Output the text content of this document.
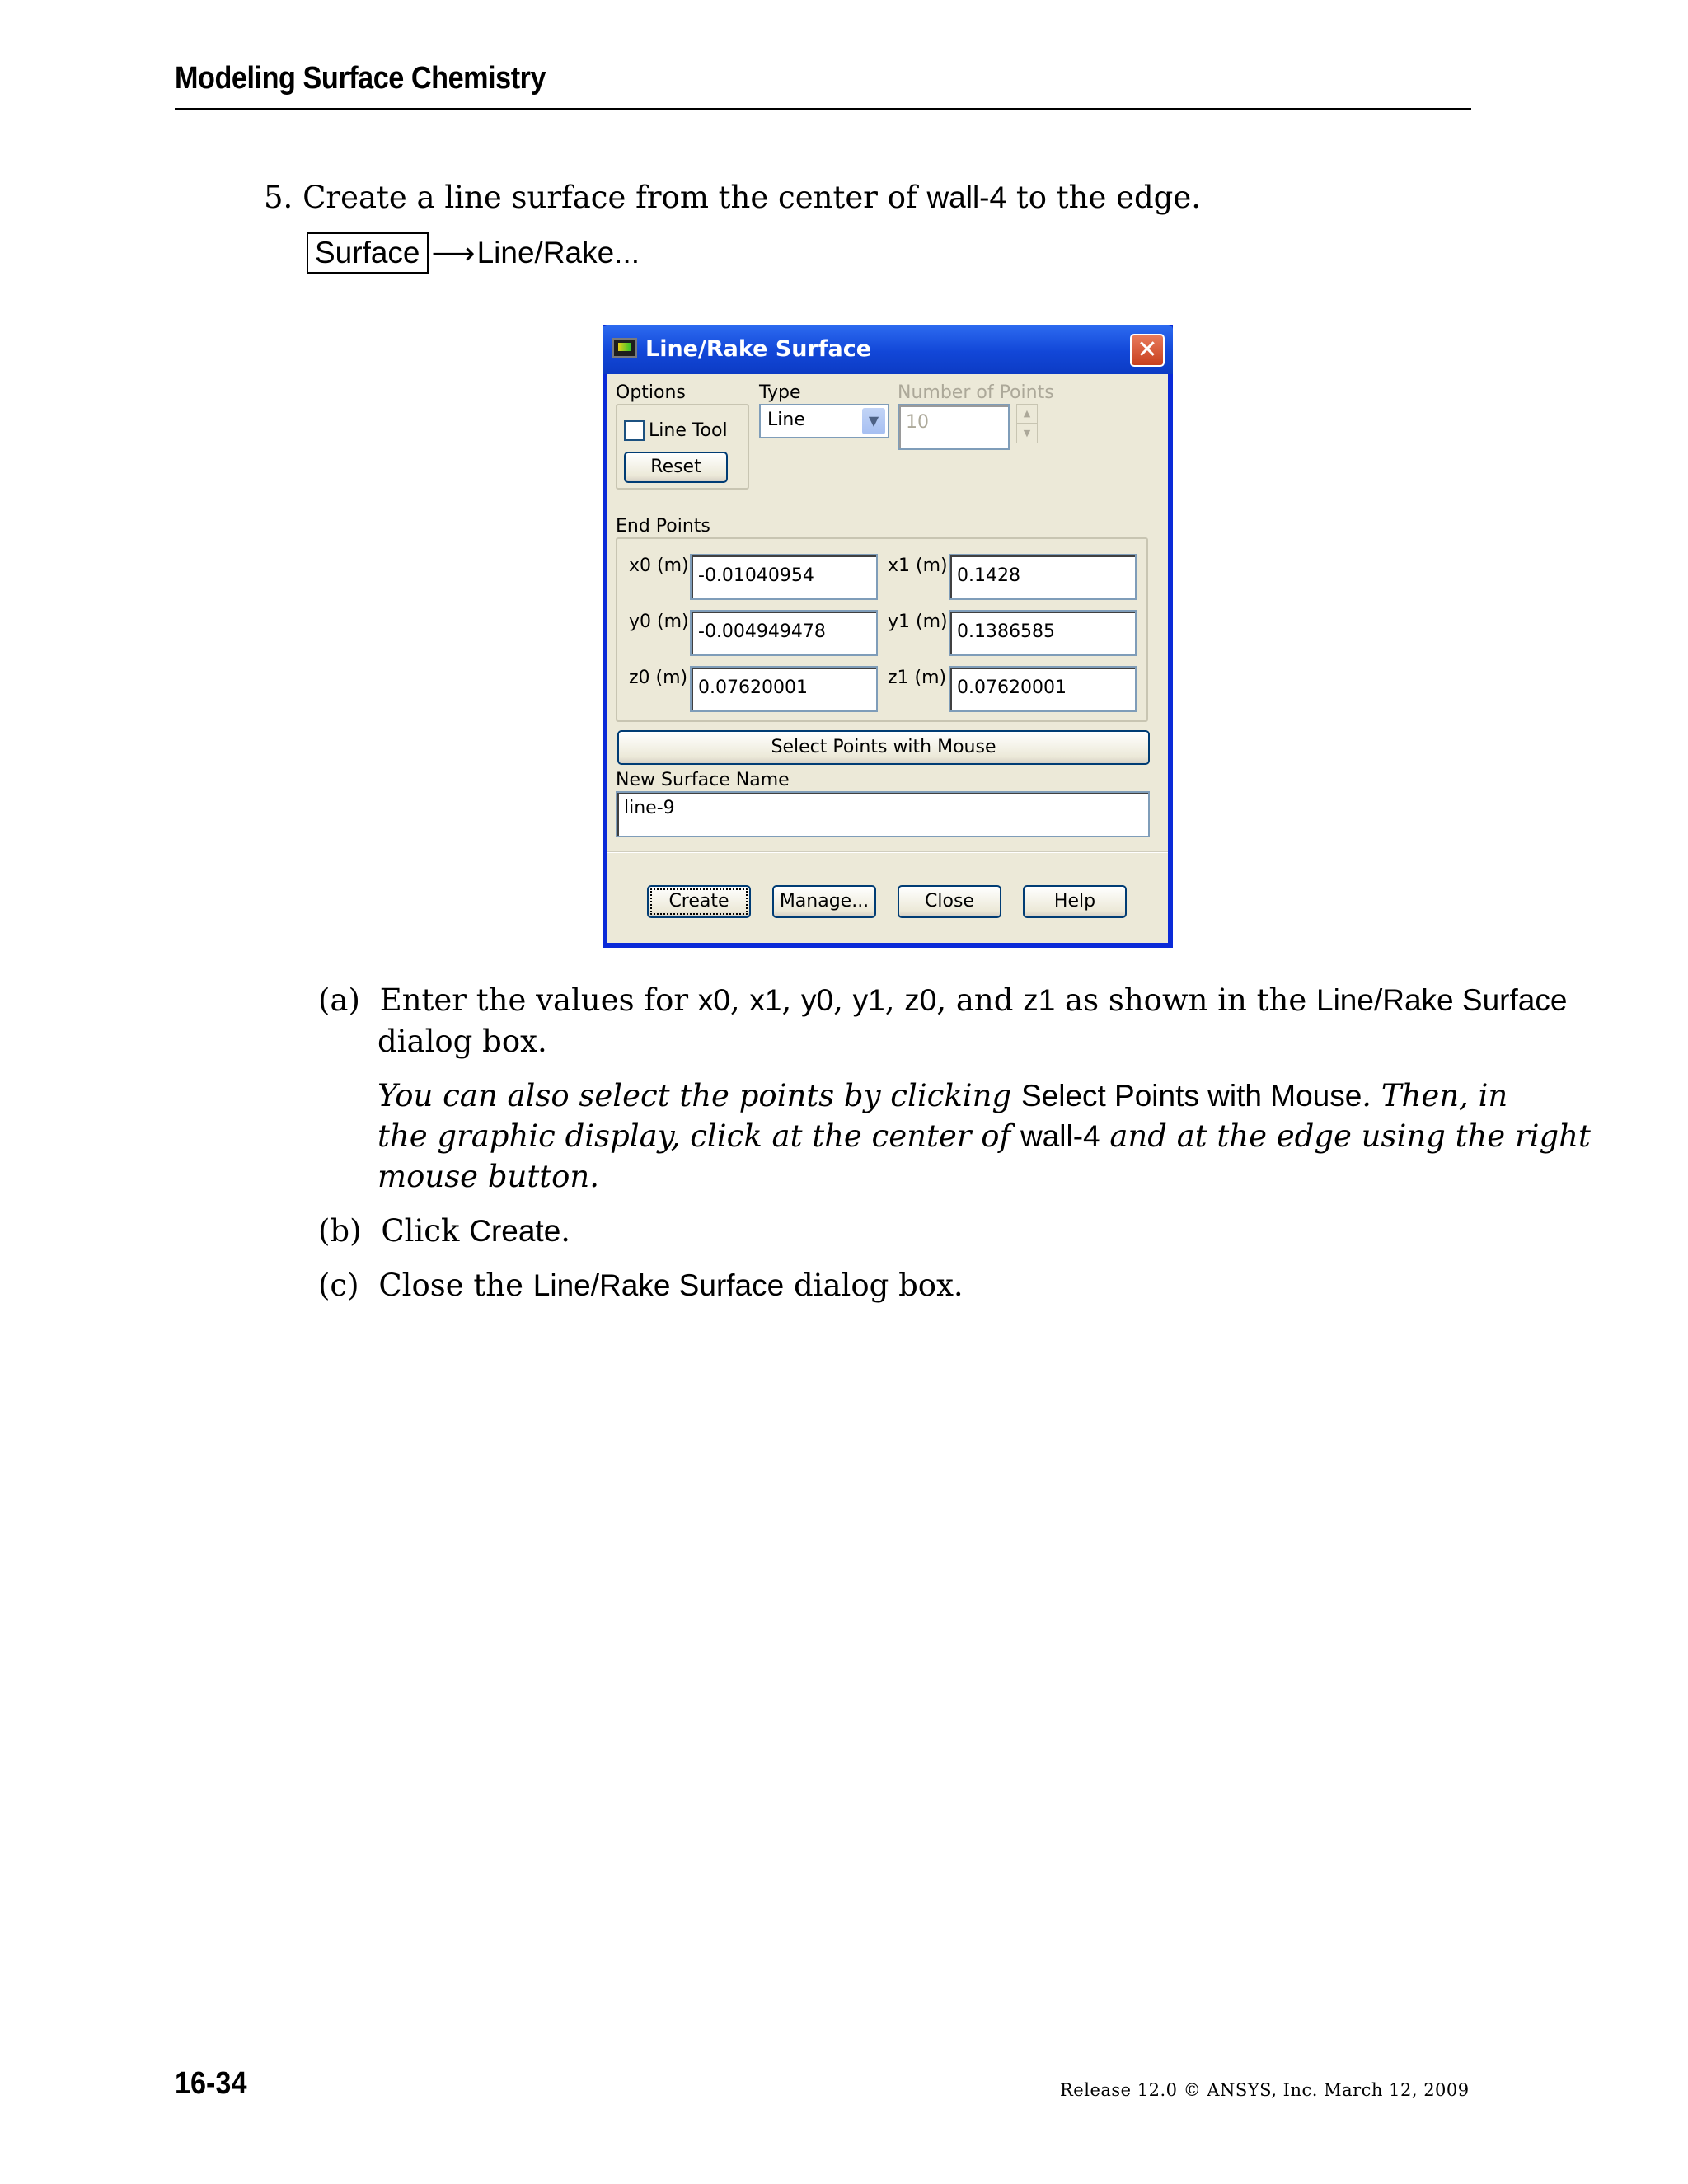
Modeling Surface Chemistry
5. Create a line surface from the center of wall-4 to the edge.
Surface ⟶ Line/Rake...
Line/Rake Surface	✕
Options
Line Tool
Reset
Type
Line	▼
Number of Points
10	▲
▼
End Points
x0 (m) -0.01040954	x1 (m) 0.1428
y0 (m) -0.004949478	y1 (m) 0.1386585
z0 (m) 0.07620001	z1 (m) 0.07620001
Select Points with Mouse
New Surface Name
line-9
Create	Manage...	Close	Help
(a) Enter the values for x0, x1, y0, y1, z0, and z1 as shown in the Line/Rake Surface
dialog box.
You can also select the points by clicking Select Points with Mouse. Then, in
the graphic display, click at the center of wall-4 and at the edge using the right
mouse button.
(b) Click Create.
(c) Close the Line/Rake Surface dialog box.
16-34	Release 12.0 © ANSYS, Inc. March 12, 2009
